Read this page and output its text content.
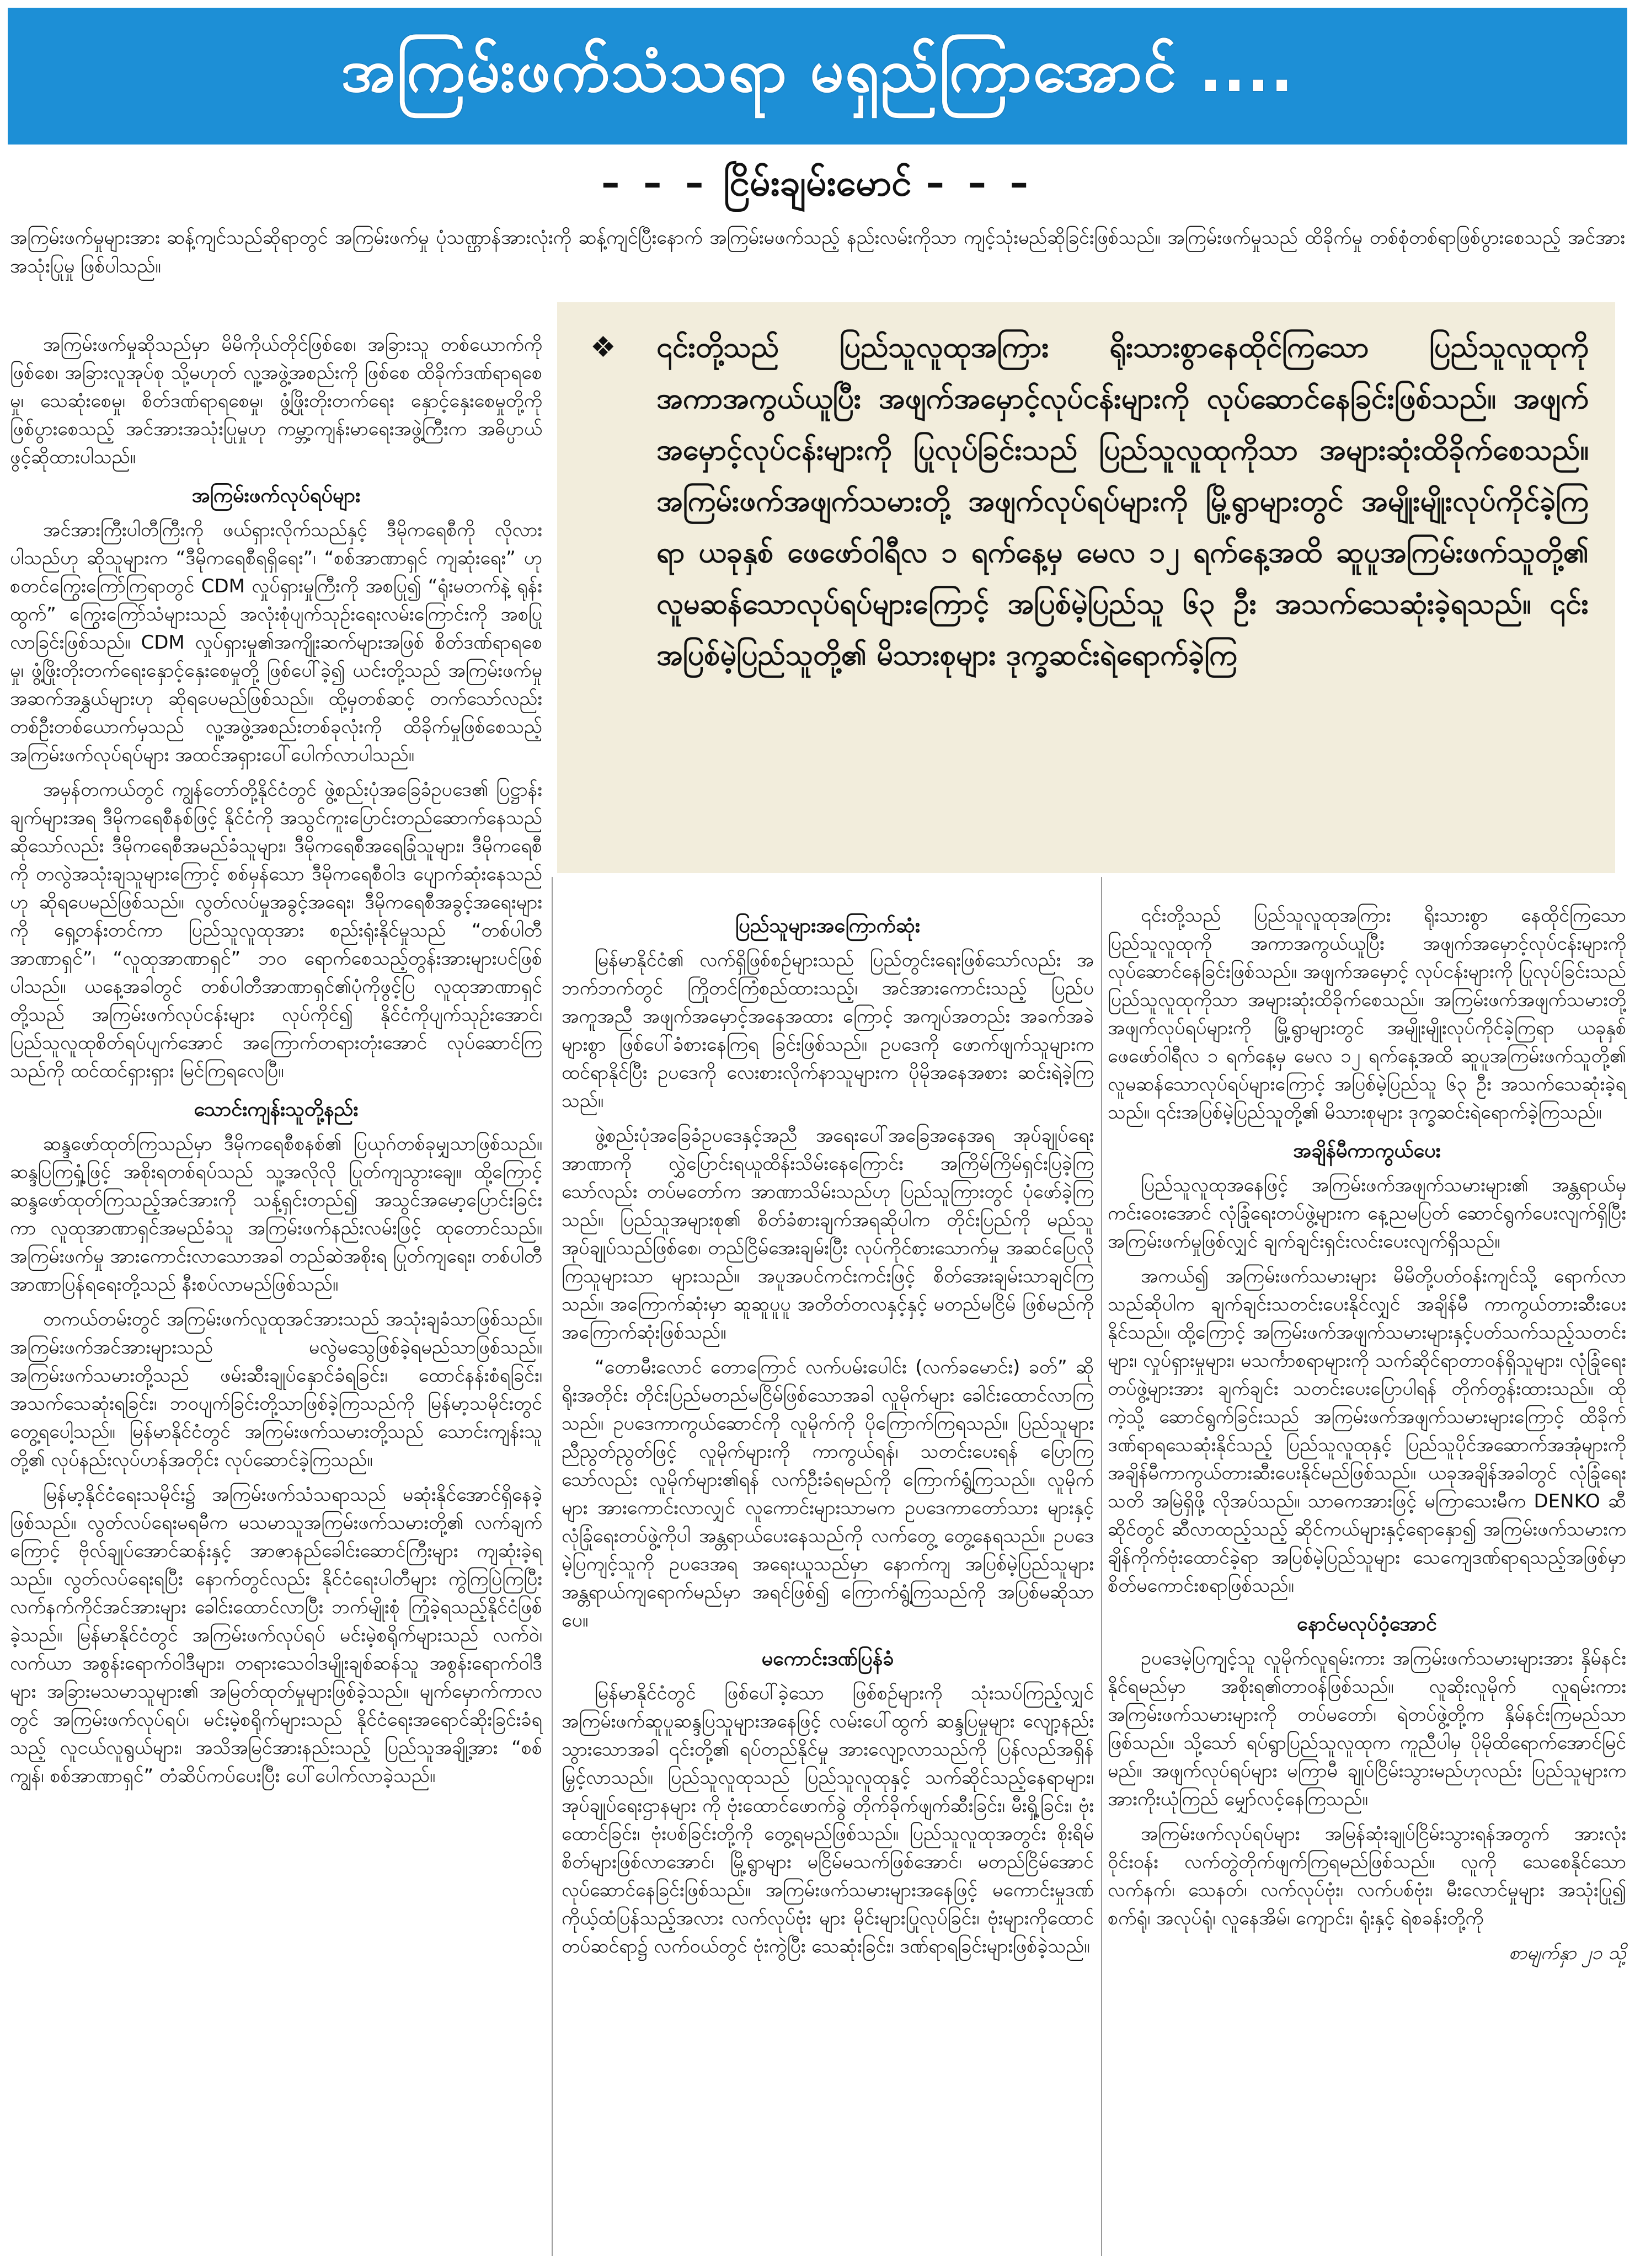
အကြမ်းဖက်သံသရာ မရှည်ကြာအောင် ....
– – – ငြိမ်းချမ်းမောင် – – –
အကြမ်းဖက်မှုများအား ဆန့်ကျင်သည်ဆိုရာတွင် အကြမ်းဖက်မှု ပုံသဏ္ဌာန်အားလုံးကို ဆန့်ကျင်ပြီးနောက် အကြမ်းမဖက်သည့် နည်းလမ်းကိုသာ ကျင့်သုံးမည်ဆိုခြင်းဖြစ်သည်။ အကြမ်းဖက်မှုသည် ထိခိုက်မှု တစ်စုံတစ်ရာဖြစ်ပွားစေသည့် အင်အားအသုံးပြုမှု ဖြစ်ပါသည်။

အကြမ်းဖက်မှုဆိုသည်မှာ မိမိကိုယ်တိုင်ဖြစ်စေ၊ အခြားသူ တစ်ယောက်ကိုဖြစ်စေ၊ အခြားလူအုပ်စု သို့မဟုတ် လူ့အဖွဲ့အစည်းကို ဖြစ်စေ ထိခိုက်ဒဏ်ရာရစေမှု၊ သေဆုံးစေမှု၊ စိတ်ဒဏ်ရာရစေမှု၊ ဖွံ့ဖြိုးတိုးတက်ရေး နှောင့်နှေးစေမှုတို့ကို ဖြစ်ပွားစေသည့် အင်အားအသုံးပြုမှုဟု ကမ္ဘာ့ကျန်းမာရေးအဖွဲ့ကြီးက အဓိပ္ပာယ်ဖွင့်ဆိုထားပါသည်။

အကြမ်းဖက်လုပ်ရပ်များ

အင်အားကြီးပါတီကြီးကို ဖယ်ရှားလိုက်သည်နှင့် ဒီမိုကရေစီကို လိုလားပါသည်ဟု ဆိုသူများက “ဒီမိုကရေစီရရှိရေး”၊ “စစ်အာဏာရှင် ကျဆုံးရေး” ဟု စတင်ကြွေးကြော်ကြရာတွင် CDM လှုပ်ရှားမှုကြီးကို အစပြု၍ “ရုံးမတက်နဲ့ ရုန်းထွက်” ကြွေးကြော်သံများသည် အလုံးစုံပျက်သုဉ်းရေးလမ်းကြောင်းကို အစပြုလာခြင်းဖြစ်သည်။ CDM လှုပ်ရှားမှု၏အကျိုးဆက်များအဖြစ် စိတ်ဒဏ်ရာရစေမှု၊ ဖွံ့ဖြိုးတိုးတက်ရေးနှောင့်နှေးစေမှုတို့ ဖြစ်ပေါ်ခဲ့၍ ယင်းတို့သည် အကြမ်းဖက်မှုအဆက်အနွှယ်များဟု ဆိုရပေမည်ဖြစ်သည်။ ထို့မှတစ်ဆင့် တက်သော်လည်းတစ်ဦးတစ်ယောက်မှသည် လူ့အဖွဲ့အစည်းတစ်ခုလုံးကို ထိခိုက်မှုဖြစ်စေသည့် အကြမ်းဖက်လုပ်ရပ်များ အထင်အရှားပေါ်ပေါက်လာပါသည်။

အမှန်တကယ်တွင် ကျွန်တော်တို့နိုင်ငံတွင် ဖွဲ့စည်းပုံအခြေခံဥပဒေ၏ ပြဋ္ဌာန်းချက်များအရ ဒီမိုကရေစီနစ်ဖြင့် နိုင်ငံကို အသွင်ကူးပြောင်းတည်ဆောက်နေသည်ဆိုသော်လည်း ဒီမိုကရေစီအမည်ခံသူများ၊ ဒီမိုကရေစီအရေခြုံသူများ၊ ဒီမိုကရေစီကို တလွဲအသုံးချသူများကြောင့် စစ်မှန်သော ဒီမိုကရေစီဝါဒ ပျောက်ဆုံးနေသည်ဟု ဆိုရပေမည်ဖြစ်သည်။ လွတ်လပ်မှုအခွင့်အရေး၊ ဒီမိုကရေစီအခွင့်အရေးများကို ရှေ့တန်းတင်ကာ ပြည်သူလူထုအား စည်းရုံးနိုင်မှုသည် “တစ်ပါတီအာဏာရှင်”၊ “လူထုအာဏာရှင်” ဘဝ ရောက်စေသည့်တွန်းအားများပင်ဖြစ်ပါသည်။ ယနေ့အခါတွင် တစ်ပါတီအာဏာရှင်၏ပုံကိုဖွင့်ပြ လူထုအာဏာရှင်တို့သည် အကြမ်းဖက်လုပ်ငန်းများ လုပ်ကိုင်၍ နိုင်ငံကိုပျက်သုဉ်းအောင်၊ ပြည်သူလူထုစိတ်ရပ်ပျက်အောင် အကြောက်တရားတုံးအောင် လုပ်ဆောင်ကြသည်ကို ထင်ထင်ရှားရှား မြင်ကြရလေပြီ။

သောင်းကျန်းသူတို့နည်း

ဆန္ဒဖော်ထုတ်ကြသည်မှာ ဒီမိုကရေစီစနစ်၏ ပြယုဂ်တစ်ခုမျှသာဖြစ်သည်။ ဆန္ဒပြကြရှုံ့ဖြင့် အစိုးရတစ်ရပ်သည် သူ့အလိုလို ပြုတ်ကျသွားချေ။ ထို့ကြောင့် ဆန္ဒဖော်ထုတ်ကြသည့်အင်အားကို သန့်ရှင်းတည်၍ အသွင်အမော့ပြောင်းခြင်းကာ လူထုအာဏာရှင်အမည်ခံသူ အကြမ်းဖက်နည်းလမ်းဖြင့် ထုတောင်သည်။ အကြမ်းဖက်မှု အားကောင်းလာသောအခါ တည်ဆဲအစိုးရ ပြုတ်ကျရေး၊ တစ်ပါတီအာဏာပြန်ရရေးတို့သည် နီးစပ်လာမည်ဖြစ်သည်။

တကယ်တမ်းတွင် အကြမ်းဖက်လူထုအင်အားသည် အသုံးချခံသာဖြစ်သည်။ အကြမ်းဖက်အင်အားများသည် မလွဲမသွေဖြစ်ခဲ့ရမည်သာဖြစ်သည်။ အကြမ်းဖက်သမားတို့သည် ဖမ်းဆီးချုပ်နှောင်ခံရခြင်း၊ ထောင်နန်းစံရခြင်း၊ အသက်သေဆုံးရခြင်း၊ ဘဝပျက်ခြင်းတို့သာဖြစ်ခဲ့ကြသည်ကို မြန်မာ့သမိုင်းတွင် တွေ့ရပေါ့သည်။ မြန်မာနိုင်ငံတွင် အကြမ်းဖက်သမားတို့သည် သောင်းကျန်းသူတို့၏ လုပ်နည်းလုပ်ဟန်အတိုင်း လုပ်ဆောင်ခဲ့ကြသည်။

မြန်မာ့နိုင်ငံရေးသမိုင်း၌ အကြမ်းဖက်သံသရာသည် မဆုံးနိုင်အောင်ရှိနေခဲ့ဖြစ်သည်။ လွတ်လပ်ရေးမရမီက မသမာသူအကြမ်းဖက်သမားတို့၏ လက်ချက်ကြောင့် ဗိုလ်ချုပ်အောင်ဆန်းနှင့် အာဇာနည်ခေါင်းဆောင်ကြီးများ ကျဆုံးခဲ့ရသည်။ လွတ်လပ်ရေးရပြီး နောက်တွင်လည်း နိုင်ငံရေးပါတီများ ကွဲကြပြဲကြပြီး လက်နက်ကိုင်အင်အားများ ခေါင်းထောင်လာပြီး ဘက်မျိုးစုံ ကြုံခဲ့ရသည့်နိုင်ငံဖြစ်ခဲ့သည်။ မြန်မာနိုင်ငံတွင် အကြမ်းဖက်လုပ်ရပ် မင်းမဲ့စရိုက်များသည် လက်ဝဲ၊ လက်ယာ အစွန်းရောက်ဝါဒီများ၊ တရားသေဝါဒမျိုးချစ်ဆန်သူ အစွန်းရောက်ဝါဒီများ အခြားမသမာသူများ၏ အမြတ်ထုတ်မှုများဖြစ်ခဲ့သည်။ မျက်မှောက်ကာလတွင် အကြမ်းဖက်လုပ်ရပ်၊ မင်းမဲ့စရိုက်များသည် နိုင်ငံရေးအရောင်ဆိုးခြင်းခံရသည့် လူငယ်လူရွယ်များ၊ အသိအမြင်အားနည်းသည့် ပြည်သူအချို့အား “စစ်ကျွန်၊ စစ်အာဏာရှင်” တံဆိပ်ကပ်ပေးပြီး ပေါ်ပေါက်လာခဲ့သည်။

❖	၎င်းတို့သည် ပြည်သူလူထုအကြား ရိုးသားစွာနေထိုင်ကြသော ပြည်သူလူထုကို အကာအကွယ်ယူပြီး အဖျက်အမှောင့်လုပ်ငန်းများကို လုပ်ဆောင်နေခြင်းဖြစ်သည်။ အဖျက်အမှောင့်လုပ်ငန်းများကို ပြုလုပ်ခြင်းသည် ပြည်သူလူထုကိုသာ အများဆုံးထိခိုက်စေသည်။ အကြမ်းဖက်အဖျက်သမားတို့ အဖျက်လုပ်ရပ်များကို မြို့ရွာများတွင် အမျိုးမျိုးလုပ်ကိုင်ခဲ့ကြရာ ယခုနှစ် ဖေဖော်ဝါရီလ ၁ ရက်နေ့မှ မေလ ၁၂ ရက်နေ့အထိ ဆူပူအကြမ်းဖက်သူတို့၏ လူမဆန်သောလုပ်ရပ်များကြောင့် အပြစ်မဲ့ပြည်သူ ၆၃ ဦး အသက်သေဆုံးခဲ့ရသည်။ ၎င်းအပြစ်မဲ့ပြည်သူတို့၏ မိသားစုများ ဒုက္ခဆင်းရဲရောက်ခဲ့ကြ
ပြည်သူများအကြောက်ဆုံး

မြန်မာနိုင်ငံ၏ လက်ရှိဖြစ်စဉ်များသည် ပြည်တွင်းရေးဖြစ်သော်လည်း အဘက်ဘက်တွင် ကြိုတင်ကြံစည်ထားသည့်၊ အင်အားကောင်းသည့် ပြည်ပအကူအညီ အဖျက်အမှောင့်အနေအထား ကြောင့် အကျပ်အတည်း အခက်အခဲများစွာ ဖြစ်ပေါ်ခံစားနေကြရ ခြင်းဖြစ်သည်။ ဥပဒေကို ဖောက်ဖျက်သူများက ထင်ရာနိုင်ပြီး ဥပဒေကို လေးစားလိုက်နာသူများက ပိုမိုအနေအစား ဆင်းရဲခဲ့ကြသည်။

ဖွဲ့စည်းပုံအခြေခံဥပဒေနှင့်အညီ အရေးပေါ်အခြေအနေအရ အုပ်ချုပ်ရေးအာဏာကို လွှဲပြောင်းရယူထိန်းသိမ်းနေကြောင်း အကြိမ်ကြိမ်ရှင်းပြခဲ့ကြသော်လည်း တပ်မတော်က အာဏာသိမ်းသည်ဟု ပြည်သူကြားတွင် ပုံဖော်ခဲ့ကြသည်။ ပြည်သူအများစု၏ စိတ်ခံစားချက်အရဆိုပါက တိုင်းပြည်ကို မည်သူအုပ်ချုပ်သည်ဖြစ်စေ၊ တည်ငြိမ်အေးချမ်းပြီး လုပ်ကိုင်စားသောက်မှု အဆင်ပြေလိုကြသူများသာ များသည်။ အပူအပင်ကင်းကင်းဖြင့် စိတ်အေးချမ်းသာချင်ကြသည်။ အကြောက်ဆုံးမှာ ဆူဆူပူပူ အတိတ်တလနှင့်နှင့် မတည်မငြိမ် ဖြစ်မည်ကို အကြောက်ဆုံးဖြစ်သည်။

“တောမီးလောင် တောကြောင် လက်ပမ်းပေါင်း (လက်ခမောင်း) ခတ်” ဆိုရိုးအတိုင်း တိုင်းပြည်မတည်မငြိမ်ဖြစ်သောအခါ လူမိုက်များ ခေါင်းထောင်လာကြသည်။ ဥပဒေကာကွယ်ဆောင်ကို လူမိုက်ကို ပိုကြောက်ကြရသည်။ ပြည်သူများ ညီညွတ်ညွတ်ဖြင့် လူမိုက်များကို ကာကွယ်ရန်၊ သတင်းပေးရန် ပြောကြသော်လည်း လူမိုက်များ၏ရန် လက်ဦးခံရမည်ကို ကြောက်ရွံ့ကြသည်။ လူမိုက်များ အားကောင်းလာလျှင် လူကောင်းများသာမက ဥပဒေကာတော်သား များနှင့် လုံခြုံရေးတပ်ဖွဲ့ကိုပါ အန္တရာယ်ပေးနေသည်ကို လက်တွေ့ တွေ့နေရသည်။ ဥပဒေမဲ့ပြကျင့်သူကို ဥပဒေအရ အရေးယူသည်မှာ နောက်ကျ အပြစ်မဲ့ပြည်သူများ အန္တရာယ်ကျရောက်မည်မှာ အရင်ဖြစ်၍ ကြောက်ရွံ့ကြသည်ကို အပြစ်မဆိုသာပေ။

မကောင်းဒဏ်ပြန်ခံ

မြန်မာနိုင်ငံတွင် ဖြစ်ပေါ်ခဲ့သော ဖြစ်စဉ်များကို သုံးသပ်ကြည့်လျှင် အကြမ်းဖက်ဆူပူဆန္ဒပြသူများအနေဖြင့် လမ်းပေါ်ထွက် ဆန္ဒပြမှုများ လျော့နည်းသွားသောအခါ ၎င်းတို့၏ ရပ်တည်နိုင်မှု အားလျော့လာသည်ကို ပြန်လည်အရှိန်မြှင့်လာသည်။ ပြည်သူလူထုသည် ပြည်သူလူထုနှင့် သက်ဆိုင်သည့်နေရာများ၊ အုပ်ချုပ်ရေးဌာနများ ကို ဗုံးထောင်ဖောက်ခွဲ တိုက်ခိုက်ဖျက်ဆီးခြင်း၊ မီးရှို့ခြင်း၊ ဗုံးထောင်ခြင်း၊ ဗုံးပစ်ခြင်းတို့ကို တွေ့ရမည်ဖြစ်သည်။ ပြည်သူလူထုအတွင်း စိုးရိမ်စိတ်များဖြစ်လာအောင်၊ မြို့ရွာများ မငြိမ်မသက်ဖြစ်အောင်၊ မတည်ငြိမ်အောင် လုပ်ဆောင်နေခြင်းဖြစ်သည်။ အကြမ်းဖက်သမားများအနေဖြင့် မကောင်းမှုဒဏ် ကိုယ့်ထံပြန်သည့်အလား လက်လုပ်ဗုံး များ မိုင်းများပြုလုပ်ခြင်း၊ ဗုံးများကိုထောင် တပ်ဆင်ရာ၌ လက်ဝယ်တွင် ဗုံးကွဲပြီး သေဆုံးခြင်း၊ ဒဏ်ရာရခြင်းများဖြစ်ခဲ့သည်။

၎င်းတို့သည် ပြည်သူလူထုအကြား ရိုးသားစွာ နေထိုင်ကြသော ပြည်သူလူထုကို အကာအကွယ်ယူပြီး အဖျက်အမှောင့်လုပ်ငန်းများကို လုပ်ဆောင်နေခြင်းဖြစ်သည်။ အဖျက်အမှောင့် လုပ်ငန်းများကို ပြုလုပ်ခြင်းသည် ပြည်သူလူထုကိုသာ အများဆုံးထိခိုက်စေသည်။ အကြမ်းဖက်အဖျက်သမားတို့ အဖျက်လုပ်ရပ်များကို မြို့ရွာများတွင် အမျိုးမျိုးလုပ်ကိုင်ခဲ့ကြရာ ယခုနှစ် ဖေဖော်ဝါရီလ ၁ ရက်နေ့မှ မေလ ၁၂ ရက်နေ့အထိ ဆူပူအကြမ်းဖက်သူတို့၏ လူမဆန်သောလုပ်ရပ်များကြောင့် အပြစ်မဲ့ပြည်သူ ၆၃ ဦး အသက်သေဆုံးခဲ့ရသည်။ ၎င်းအပြစ်မဲ့ပြည်သူတို့၏ မိသားစုများ ဒုက္ခဆင်းရဲရောက်ခဲ့ကြသည်။

အချိန်မီကာကွယ်ပေး

ပြည်သူလူထုအနေဖြင့် အကြမ်းဖက်အဖျက်သမားများ၏ အန္တရာယ်မှ ကင်းဝေးအောင် လုံခြုံရေးတပ်ဖွဲ့များက နေ့ညမပြတ် ဆောင်ရွက်ပေးလျက်ရှိပြီး အကြမ်းဖက်မှုဖြစ်လျှင် ချက်ချင်းရှင်းလင်းပေးလျက်ရှိသည်။

အကယ်၍ အကြမ်းဖက်သမားများ မိမိတို့ပတ်ဝန်းကျင်သို့ ရောက်လာသည်ဆိုပါက ချက်ချင်းသတင်းပေးနိုင်လျှင် အချိန်မီ ကာကွယ်တားဆီးပေးနိုင်သည်။ ထို့ကြောင့် အကြမ်းဖက်အဖျက်သမားများနှင့်ပတ်သက်သည့်သတင်းများ၊ လှုပ်ရှားမှုများ၊ မသင်္ကာစရာများကို သက်ဆိုင်ရာတာဝန်ရှိသူများ၊ လုံခြုံရေးတပ်ဖွဲ့များအား ချက်ချင်း သတင်းပေးပြောပါရန် တိုက်တွန်းထားသည်။ ထိုကဲ့သို့ ဆောင်ရွက်ခြင်းသည် အကြမ်းဖက်အဖျက်သမားများကြောင့် ထိခိုက်ဒဏ်ရာရသေဆုံးနိုင်သည့် ပြည်သူလူထုနှင့် ပြည်သူပိုင်အဆောက်အအုံများကို အချိန်မီကာကွယ်တားဆီးပေးနိုင်မည်ဖြစ်သည်။ ယခုအချိန်အခါတွင် လုံခြုံရေးသတိ အမြဲရှိဖို့ လိုအပ်သည်။ သာဓကအားဖြင့် မကြာသေးမီက DENKO ဆီဆိုင်တွင် ဆီလာထည့်သည့် ဆိုင်ကယ်များနှင့်ရောနှော၍ အကြမ်းဖက်သမားက ချိန်ကိုက်ဗုံးထောင်ခဲ့ရာ အပြစ်မဲ့ပြည်သူများ သေကျေဒဏ်ရာရသည့်အဖြစ်မှာ စိတ်မကောင်းစရာဖြစ်သည်။

နောင်မလုပ်ဝံ့အောင်

ဥပဒေမဲ့ပြကျင့်သူ လူမိုက်လူရမ်းကား အကြမ်းဖက်သမားများအား နှိမ်နင်းနိုင်ရမည်မှာ အစိုးရ၏တာဝန်ဖြစ်သည်။ လူဆိုးလူမိုက် လူရမ်းကားအကြမ်းဖက်သမားများကို တပ်မတော်၊ ရဲတပ်ဖွဲ့တို့က နှိမ်နင်းကြမည်သာ ဖြစ်သည်။ သို့သော် ရပ်ရွာပြည်သူလူထုက ကူညီပါမှ ပိုမိုထိရောက်အောင်မြင်မည်။ အဖျက်လုပ်ရပ်များ မကြာမီ ချုပ်ငြိမ်းသွားမည်ဟုလည်း ပြည်သူများက အားကိုးယုံကြည် မျှော်လင့်နေကြသည်။

အကြမ်းဖက်လုပ်ရပ်များ အမြန်ဆုံးချုပ်ငြိမ်းသွားရန်အတွက် အားလုံးဝိုင်းဝန်း လက်တွဲတိုက်ဖျက်ကြရမည်ဖြစ်သည်။ လူကို သေစေနိုင်သော လက်နက်၊ သေနတ်၊ လက်လုပ်ဗုံး၊ လက်ပစ်ဗုံး၊ မီးလောင်မှုများ အသုံးပြု၍ စက်ရုံ၊ အလုပ်ရုံ၊ လူနေအိမ်၊ ကျောင်း၊ ရုံးနှင့် ရဲစခန်းတို့ကို

စာမျက်နှာ ၂၁ သို့
